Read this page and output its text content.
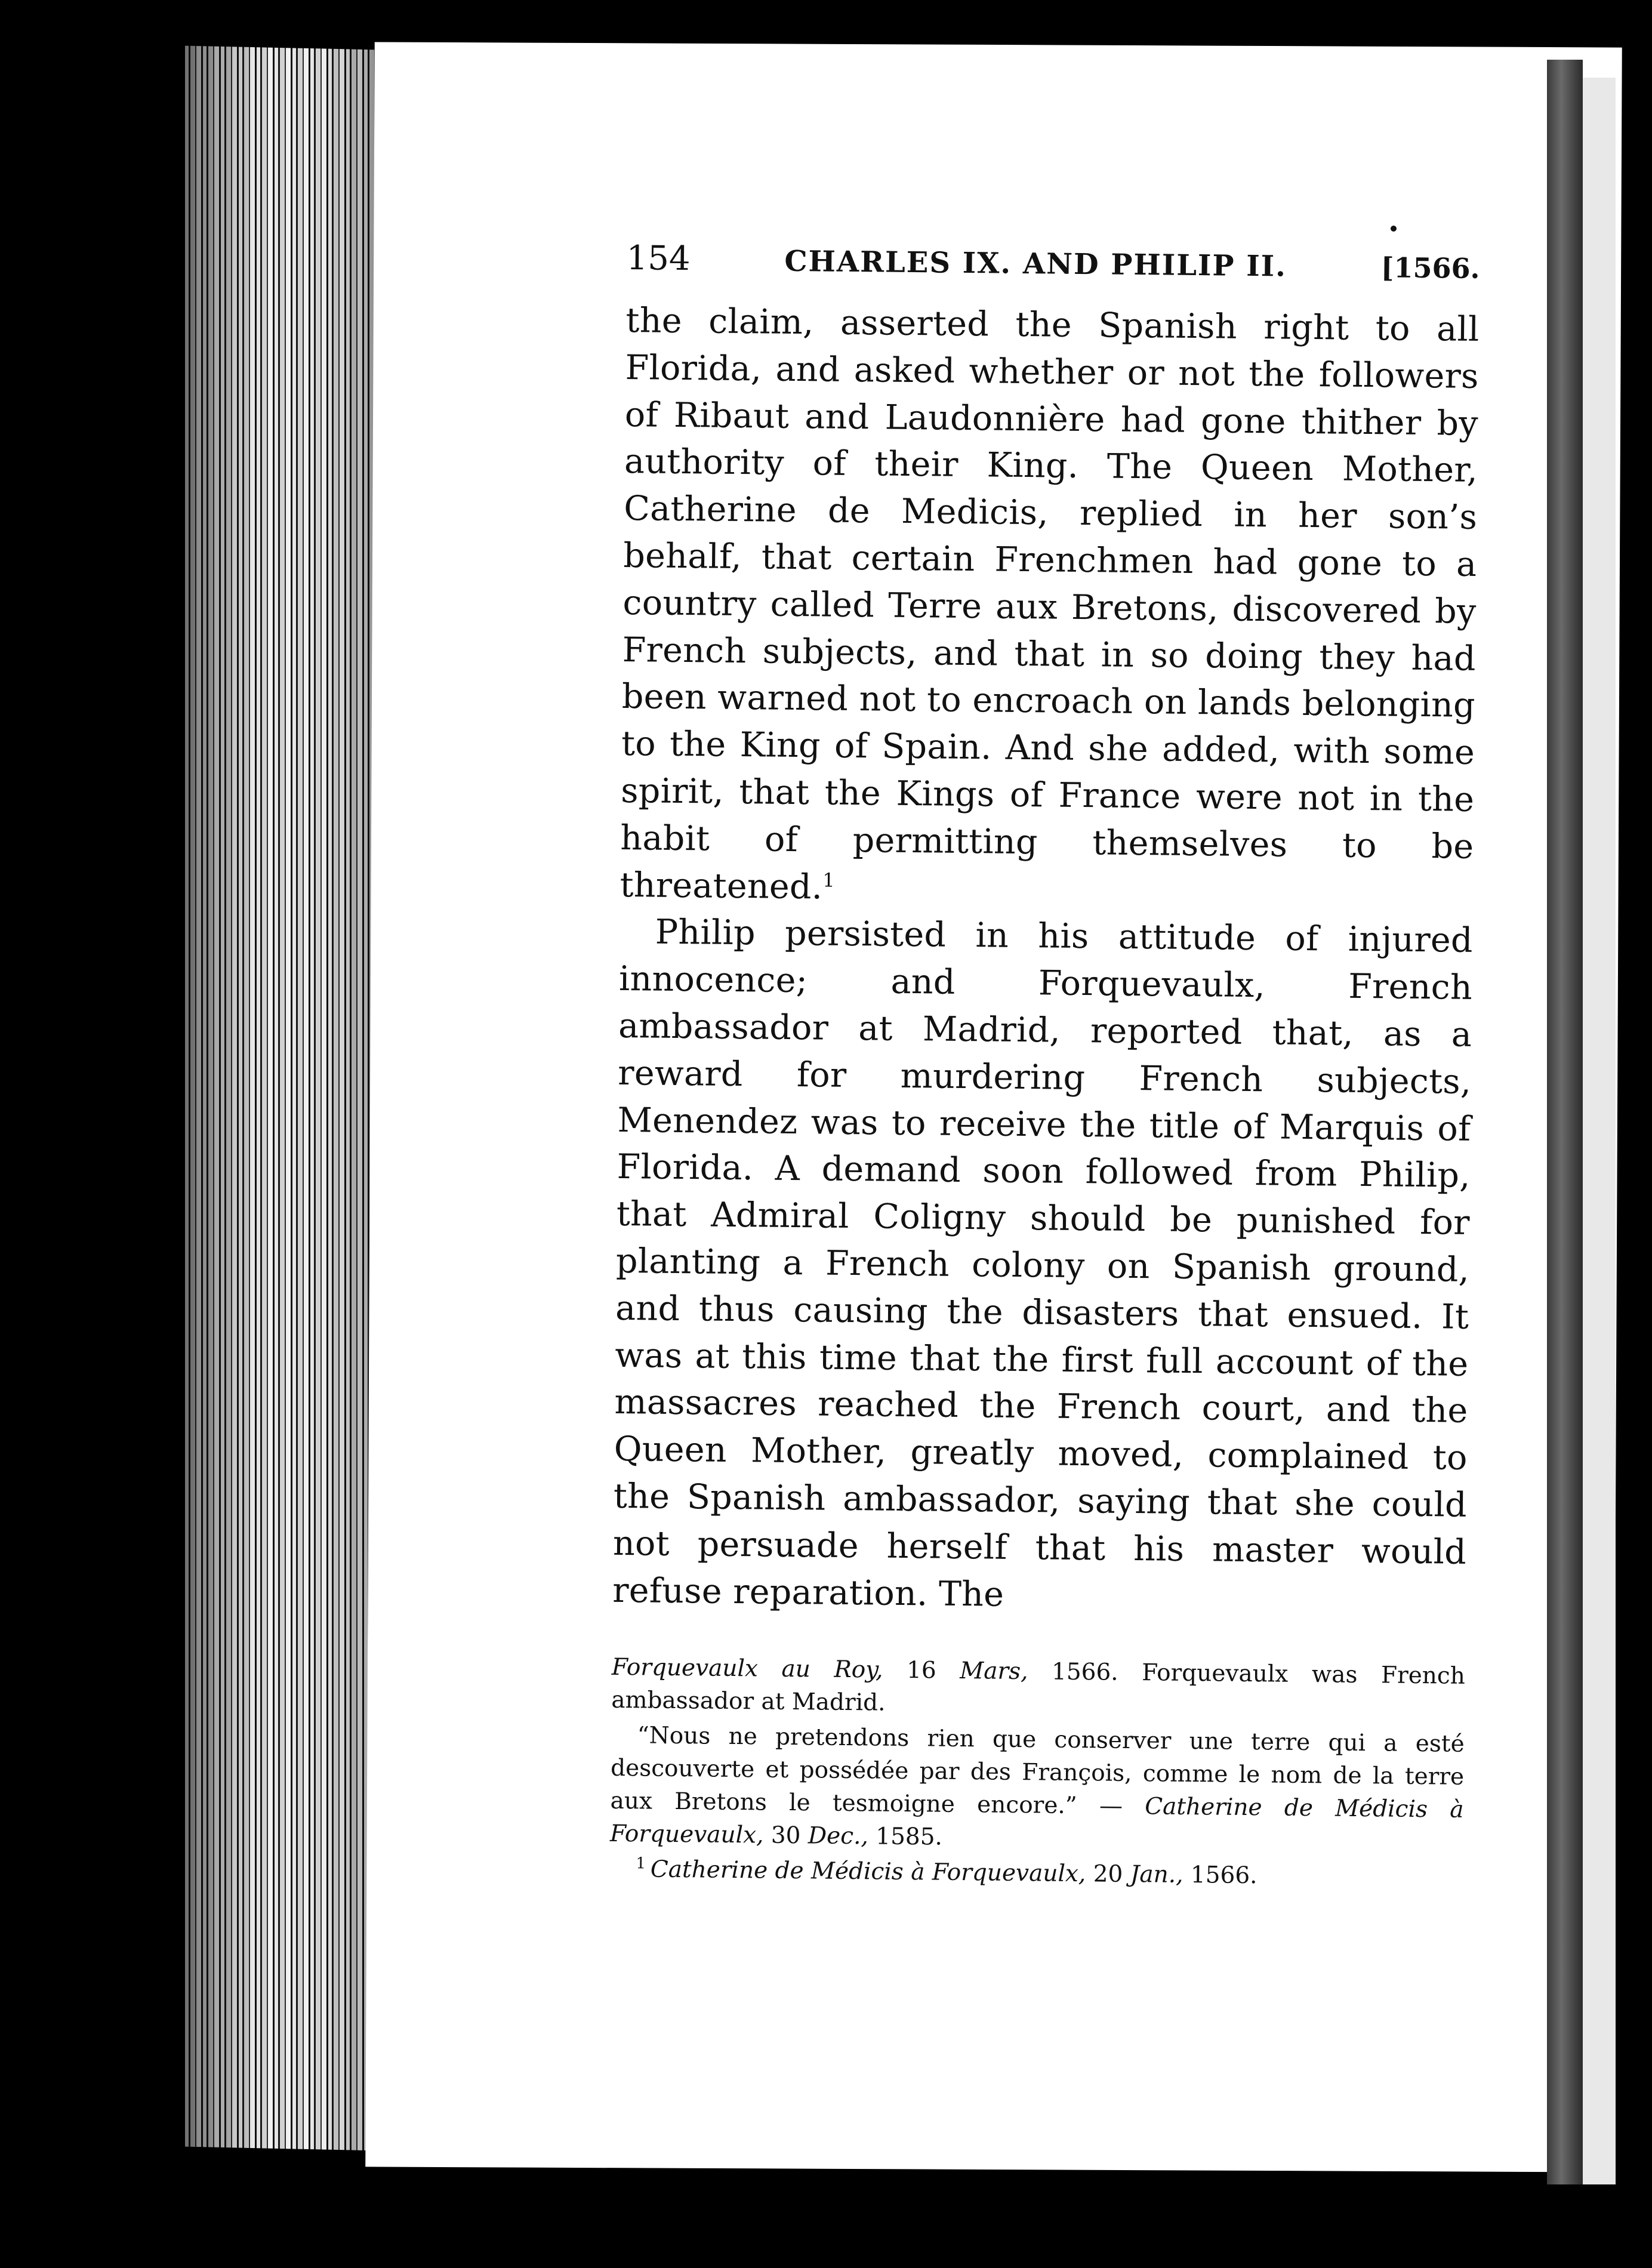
154	CHARLES IX. AND PHILIP II.	[1566.

the claim, asserted the Spanish right to all Florida, and asked whether or not the followers of Ribaut and Laudonnière had gone thither by authority of their King. The Queen Mother, Catherine de Medicis, replied in her son’s behalf, that certain Frenchmen had gone to a country called Terre aux Bretons, discovered by French subjects, and that in so doing they had been warned not to encroach on lands belonging to the King of Spain. And she added, with some spirit, that the Kings of France were not in the habit of permitting themselves to be threatened.$^1$

Philip persisted in his attitude of injured innocence; and Forquevaulx, French ambassador at Madrid, reported that, as a reward for murdering French subjects, Menendez was to receive the title of Marquis of Florida. A demand soon followed from Philip, that Admiral Coligny should be punished for planting a French colony on Spanish ground, and thus causing the disasters that ensued. It was at this time that the first full account of the massacres reached the French court, and the Queen Mother, greatly moved, complained to the Spanish ambassador, saying that she could not persuade herself that his master would refuse reparation. The

Forquevaulx au Roy, 16 Mars, 1566. Forquevaulx was French ambassador at Madrid.

“Nous ne pretendons rien que conserver une terre qui a esté descouverte et possédée par des François, comme le nom de la terre aux Bretons le tesmoigne encore.” — Catherine de Médicis à Forquevaulx, 30 Dec., 1585.

$^1$ Catherine de Médicis à Forquevaulx, 20 Jan., 1566.
